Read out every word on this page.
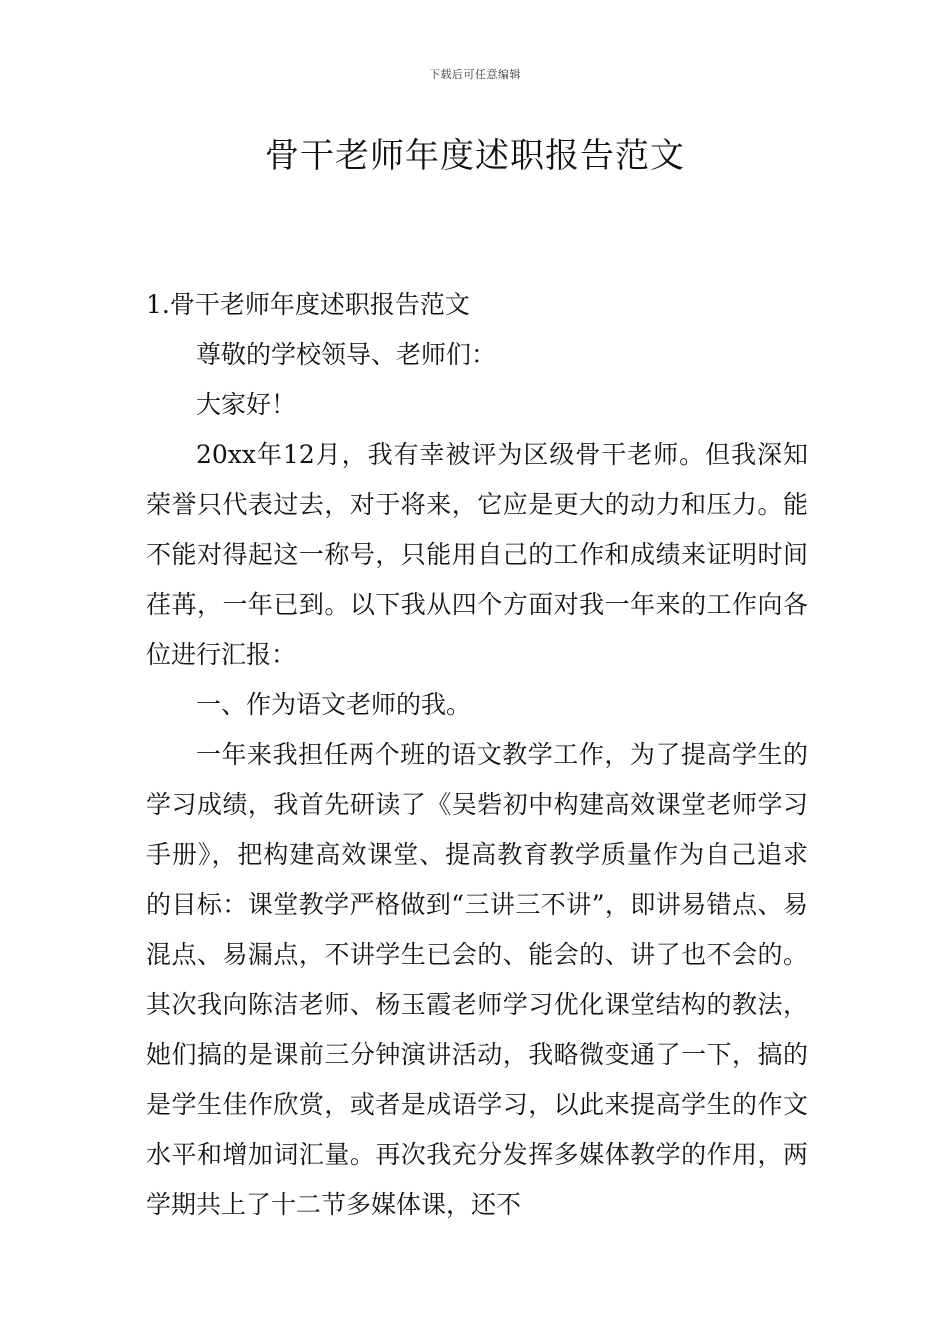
下载后可任意编辑
骨干老师年度述职报告范文

1.骨干老师年度述职报告范文

尊敬的学校领导、老师们：

大家好！

20xx年12月，我有幸被评为区级骨干老师。但我深知荣誉只代表过去，对于将来，它应是更大的动力和压力。能不能对得起这一称号，只能用自己的工作和成绩来证明时间荏苒，一年已到。以下我从四个方面对我一年来的工作向各位进行汇报：

一、作为语文老师的我。

一年来我担任两个班的语文教学工作，为了提高学生的学习成绩，我首先研读了《吴砦初中构建高效课堂老师学习手册》，把构建高效课堂、提高教育教学质量作为自己追求的目标：课堂教学严格做到“三讲三不讲”，即讲易错点、易混点、易漏点，不讲学生已会的、能会的、讲了也不会的。其次我向陈洁老师、杨玉霞老师学习优化课堂结构的教法，她们搞的是课前三分钟演讲活动，我略微变通了一下，搞的是学生佳作欣赏，或者是成语学习，以此来提高学生的作文水平和增加词汇量。再次我充分发挥多媒体教学的作用，两学期共上了十二节多媒体课，还不
